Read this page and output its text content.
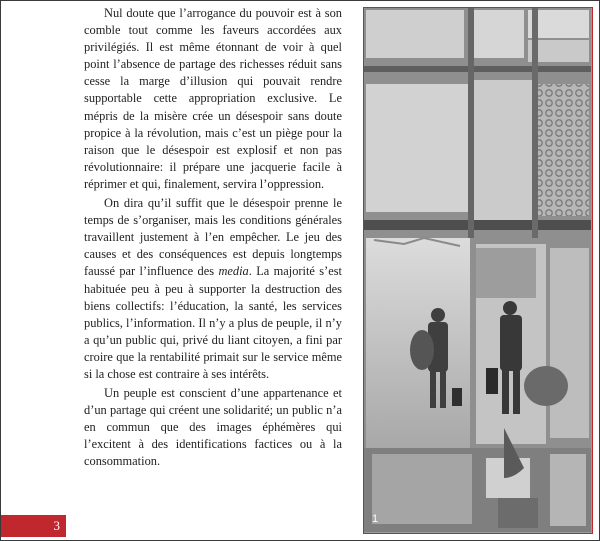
Nul doute que l’arrogance du pouvoir est à son comble tout comme les faveurs accordées aux privilégiés. Il est même étonnant de voir à quel point l’absence de partage des richesses réduit sans cesse la marge d’illusion qui pouvait rendre supportable cette appropriation exclusive. Le mépris de la misère crée un désespoir sans doute propice à la révolution, mais c’est un piège pour la raison que le désespoir est explosif et non pas révolutionnaire: il prépare une jacquerie facile à réprimer et qui, finalement, servira l’oppression.

On dira qu’il suffit que le désespoir prenne le temps de s’organiser, mais les conditions générales travaillent justement à l’en empêcher. Le jeu des causes et des conséquences est depuis longtemps faussé par l’influence des media. La majorité s’est habituée peu à peu à supporter la destruction des biens collectifs: l’éducation, la santé, les services publics, l’information. Il n’y a plus de peuple, il n’y a qu’un public qui, privé du liant citoyen, a fini par croire que la rentabilité primait sur le service même si la chose est contraire à ses intérêts.

Un peuple est conscient d’une appartenance et d’un partage qui créent une solidarité; un public n’a en commun que des images éphémères qui l’excitent à des identifications factices ou à la consommation.

3	1
